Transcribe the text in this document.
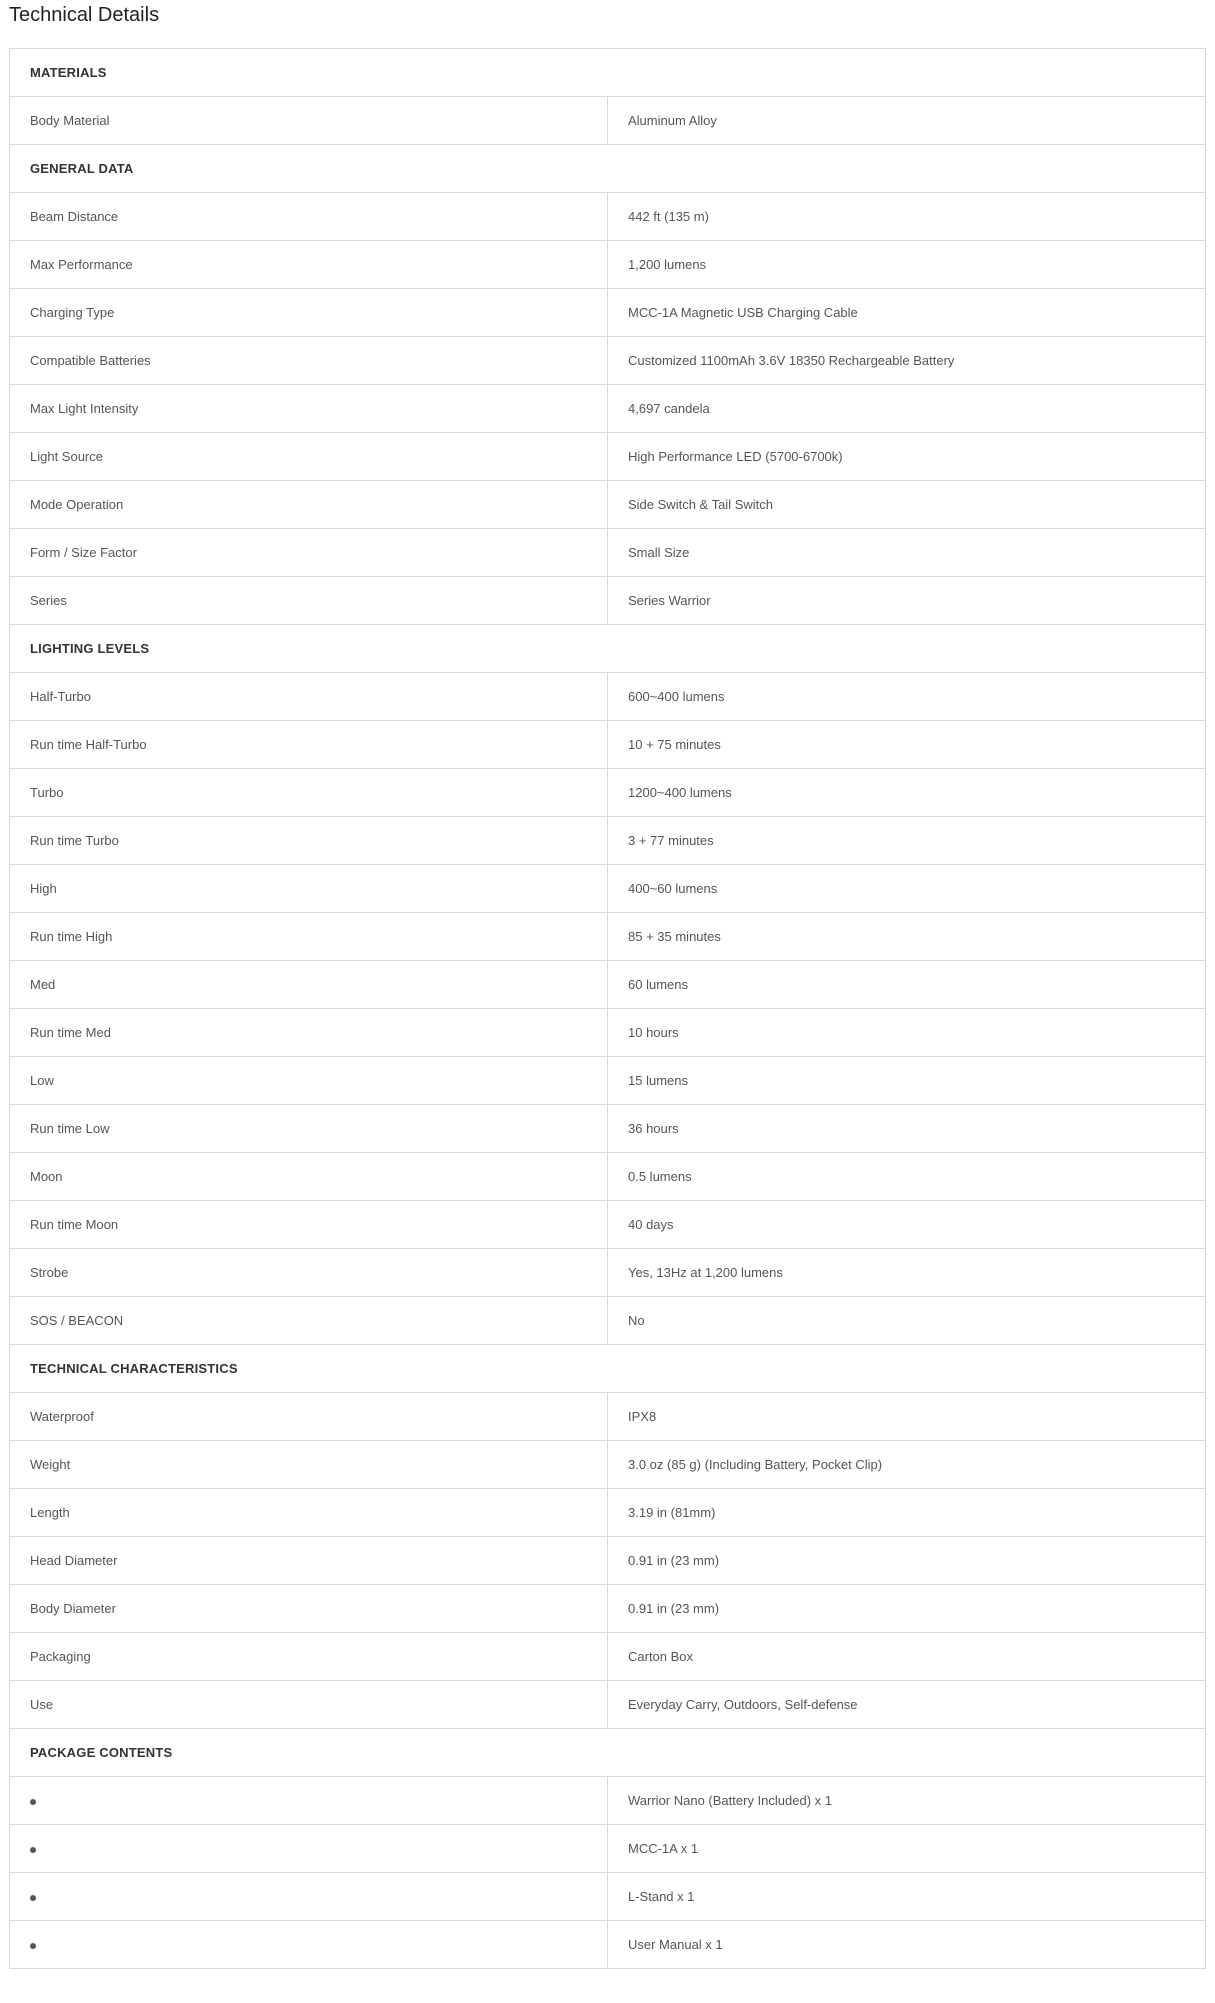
Technical Details
MATERIALS	
Body Material	Aluminum Alloy
GENERAL DATA	
Beam Distance	442 ft (135 m)
Max Performance	1,200 lumens
Charging Type	MCC-1A Magnetic USB Charging Cable
Compatible Batteries	Customized 1100mAh 3.6V 18350 Rechargeable Battery
Max Light Intensity	4,697 candela
Light Source	High Performance LED (5700-6700k)
Mode Operation	Side Switch & Tail Switch
Form / Size Factor	Small Size
Series	Series Warrior
LIGHTING LEVELS	
Half-Turbo	600~400 lumens
Run time Half-Turbo	10 + 75 minutes
Turbo	1200~400 lumens
Run time Turbo	3 + 77 minutes
High	400~60 lumens
Run time High	85 + 35 minutes
Med	60 lumens
Run time Med	10 hours
Low	15 lumens
Run time Low	36 hours
Moon	0.5 lumens
Run time Moon	40 days
Strobe	Yes, 13Hz at 1,200 lumens
SOS / BEACON	No
TECHNICAL CHARACTERISTICS	
Waterproof	IPX8
Weight	3.0 oz (85 g) (Including Battery, Pocket Clip)
Length	3.19 in (81mm)
Head Diameter	0.91 in (23 mm)
Body Diameter	0.91 in (23 mm)
Packaging	Carton Box
Use	Everyday Carry, Outdoors, Self-defense
PACKAGE CONTENTS	
	Warrior Nano (Battery Included) x 1
	MCC-1A x 1
	L-Stand x 1
	User Manual x 1
